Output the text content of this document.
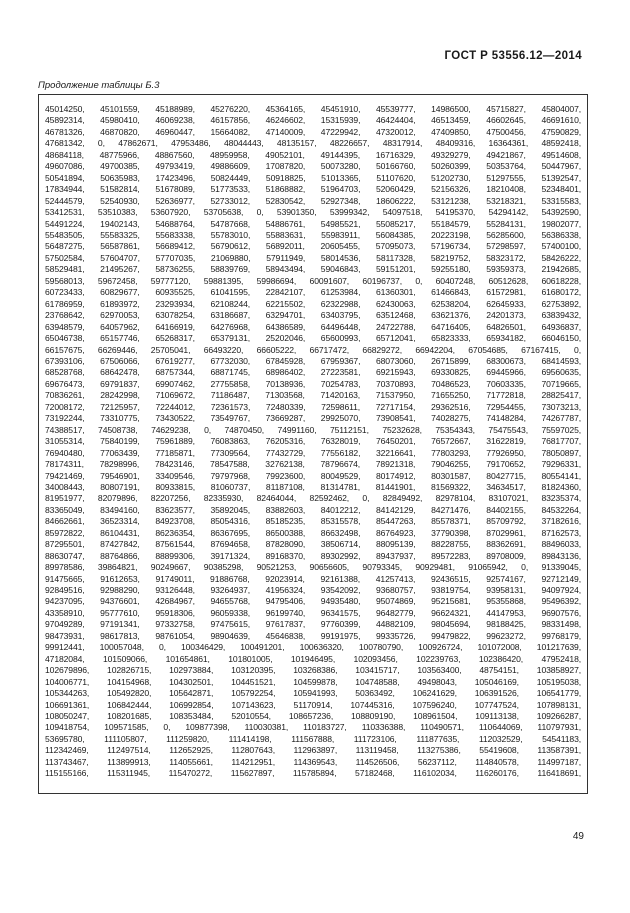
ГОСТ Р 53556.12—2014
Продолжение таблицы Б.3
45014250, 45101559, 45188989, 45276220, 45364165, 45451910, 45539777, 14986500, 45715827, 45804007,
45892314, 45980410, 46069238, 46157856, 46246602, 15315939, 46424404, 46513459, 46602645, 46691610,
46781326, 46870820, 46960447, 15664082, 47140009, 47229942, 47320012, 47409850, 47500456, 47590829,
47681342, 0, 47862671, 47953486, 48044443, 48135157, 48226657, 48317914, 48409316, 16364361, 48592418,
48684118, 48775966, 48867560, 48959958, 49052101, 49144395, 16716329, 49329279, 49421867, 49514608,
49607086, 49700385, 49793419, 49886609, 17087820, 50073280, 50166760, 50260399, 50353764, 50447967,
50541894, 50635983, 17423496, 50824449, 50918825, 51013365, 51107620, 51202730, 51297555, 51392547,
17834944, 51582814, 51678089, 51773533, 51868882, 51964703, 52060429, 52156326, 18210408, 52348401,
52444579, 52540930, 52636977, 52733012, 52830542, 52927348, 18606222, 53121238, 53218321, 53315583,
53412531, 53510383, 53607920, 53705638, 0, 53901350, 53999342, 54097518, 54195370, 54294142, 54392590,
54491224, 19402143, 54688764, 54787668, 54886761, 54985521, 55085217, 55184579, 55284131, 19802077,
55483505, 55583325, 55683338, 55783010, 55883631, 55983911, 56084385, 20223198, 56285600, 56386338,
56487275, 56587861, 56689412, 56790612, 56892011, 20605455, 57095073, 57196734, 57298597, 57400100,
57502584, 57604707, 57707035, 21069880, 57911949, 58014536, 58117328, 58219752, 58323172, 58426222,
58529481, 21495267, 58736255, 58839769, 58943494, 59046843, 59151201, 59255180, 59359373, 21942685,
59568013, 59672458, 59777120, 59881395, 59986694, 60091607, 60196737, 0, 60407248, 60512628, 60618228,
60723433, 60829677, 60935525, 61041595, 22842107, 61253984, 61360301, 61466843, 61572981, 61680172,
61786959, 61893972, 23293934, 62108244, 62215502, 62322988, 62430063, 62538204, 62645933, 62753892,
23768642, 62970053, 63078254, 63186687, 63294701, 63403795, 63512468, 63621376, 24201373, 63839432,
63948579, 64057962, 64166919, 64276968, 64386589, 64496448, 24722788, 64716405, 64826501, 64936837,
65046738, 65157746, 65268317, 65379131, 25202046, 65600993, 65712041, 65823333, 65934182, 66046150,
66157675, 66269446, 25705041, 66493220, 66605222, 66717472, 66829272, 66942204, 67054685, 67167415, 0,
67393106, 67506066, 67619277, 67732030, 67845928, 67959367, 68073060, 26715899, 68300673, 68414593,
68528768, 68642478, 68757344, 68871745, 68986402, 27223581, 69215943, 69330825, 69445966, 69560635,
69676473, 69791837, 69907462, 27755858, 70138936, 70254783, 70370893, 70486523, 70603335, 70719665,
70836261, 28242998, 71069672, 71186487, 71303568, 71420163, 71537950, 71655250, 71772818, 28825417,
72008172, 72125957, 72244012, 72361573, 72480339, 72598611, 72717154, 29362516, 72954455, 73073213,
73192244, 73310775, 73430522, 73549767, 73669287, 29925070, 73908541, 74028275, 74148284, 74267787,
74388517, 74508738, 74629238, 0, 74870450, 74991160, 75112151, 75232628, 75354343, 75475543, 75597025,
31055314, 75840199, 75961889, 76083863, 76205316, 76328019, 76450201, 76572667, 31622819, 76817707,
76940480, 77063439, 77185871, 77309564, 77432729, 77556182, 32216641, 77803293, 77926950, 78050897,
78174311, 78298996, 78423146, 78547588, 32762138, 78796674, 78921318, 79046255, 79170652, 79296331,
79421469, 79546901, 33409546, 79797968, 79923600, 80049529, 80174912, 80301587, 80427715, 80554141,
34008443, 80807191, 80933815, 81060737, 81187108, 81314781, 81441901, 81569322, 34634517, 81824360,
81951977, 82079896, 82207256, 82335930, 82464044, 82592462, 0, 82849492, 82978104, 83107021, 83235374,
83365049, 83494160, 83623577, 35892045, 83882603, 84012212, 84142129, 84271476, 84402155, 84532264,
84662661, 36523314, 84923708, 85054316, 85185235, 85315578, 85447263, 85578371, 85709792, 37182616,
85972822, 86104431, 86236354, 86367695, 86500388, 86632498, 86764923, 37790398, 87029961, 87162573,
87295501, 87427842, 87561544, 87694658, 87828090, 38506714, 88095139, 88228755, 88362691, 88496033,
88630747, 88764866, 88899306, 39171324, 89168370, 89302992, 89437937, 89572283, 89708009, 89843136,
89978586, 39864821, 90249667, 90385298, 90521253, 90656605, 90793345, 90929481, 91065942, 0, 91339045,
91475665, 91612653, 91749011, 91886768, 92023914, 92161388, 41257413, 92436515, 92574167, 92712149,
92849516, 92988290, 93126448, 93264937, 41956324, 93542092, 93680757, 93819754, 93958131, 94097924,
94237095, 94376601, 42684967, 94655768, 94795406, 94935480, 95074869, 95215681, 95355868, 95496392,
43358910, 95777610, 95918306, 96059338, 96199740, 96341575, 96482779, 96624321, 44147953, 96907576,
97049289, 97191341, 97332758, 97475615, 97617837, 97760399, 44882109, 98045694, 98188425, 98331498,
98473931, 98617813, 98761054, 98904639, 45646838, 99191975, 99335726, 99479822, 99623272, 99768179,
99912441, 100057048, 0, 100346429, 100491201, 100636320, 100780790, 100926724, 101072008, 101217639,
47182084, 101509066, 101654861, 101801005, 101946495, 102093456, 102239763, 102386420, 47952418,
102679896, 102826715, 102973884, 103120395, 103268386, 103415717, 103563400, 48754151, 103858927,
104006771, 104154968, 104302501, 104451521, 104599878, 104748588, 49498043, 105046169, 105195038,
105344263, 105492820, 105642871, 105792254, 105941993, 50363492, 106241629, 106391526, 106541779,
106691361, 106842444, 106992854, 107143623, 51170914, 107445316, 107596240, 107747524, 107898131,
108050247, 108201685, 108353484, 52010554, 108657236, 108809190, 108961504, 109113138, 109266287,
109418754, 109571585, 0, 109877398, 110030381, 110183727, 110336388, 110490571, 110644069, 110797931,
53695780, 111105807, 111259820, 111414198, 111567888, 111723106, 111877635, 112032529, 54541183,
112342469, 112497514, 112652925, 112807643, 112963897, 113119458, 113275386, 55419608, 113587391,
113743467, 113899913, 114055661, 114212951, 114369543, 114526506, 56237112, 114840578, 114997187,
115155166, 115311945, 115470272, 115627897, 115785894, 57182468, 116102034, 116260176, 116418691,
49
